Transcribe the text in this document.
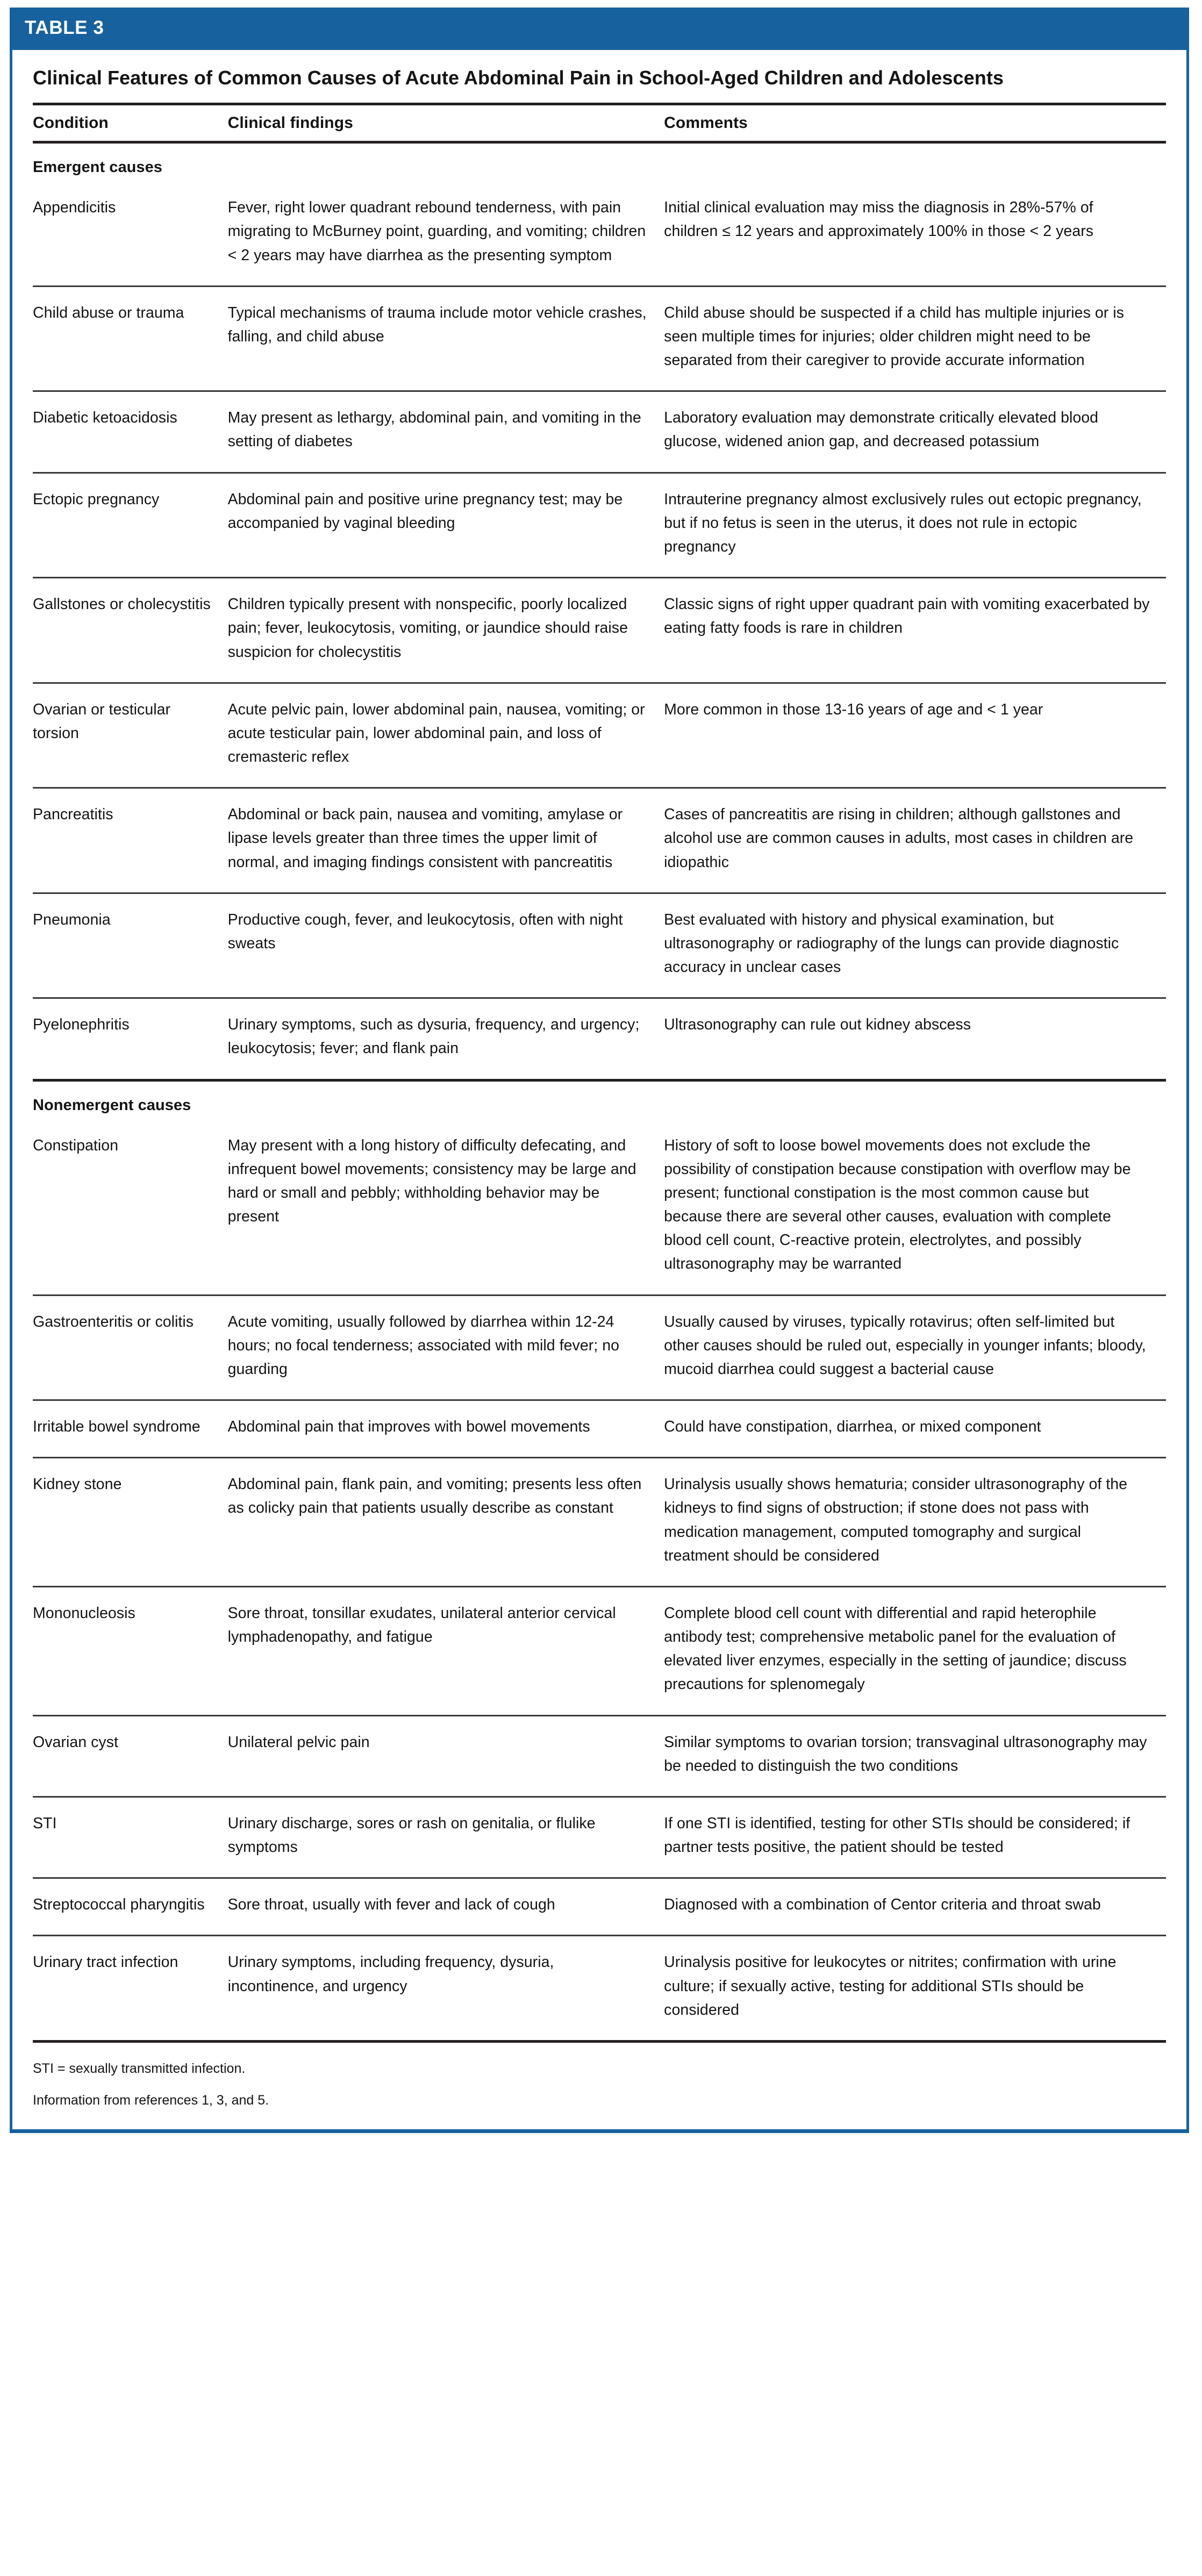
TABLE 3
Clinical Features of Common Causes of Acute Abdominal Pain in School-Aged Children and Adolescents
Condition	Clinical findings	Comments
Emergent causes		
Appendicitis	Fever, right lower quadrant rebound tenderness, with pain migrating to McBurney point, guarding, and vomiting; children < 2 years may have diarrhea as the presenting symptom	Initial clinical evaluation may miss the diagnosis in 28%-57% of children ≤ 12 years and approximately 100% in those < 2 years
Child abuse or trauma	Typical mechanisms of trauma include motor vehicle crashes, falling, and child abuse	Child abuse should be suspected if a child has multiple injuries or is seen multiple times for injuries; older children might need to be separated from their caregiver to provide accurate information
Diabetic ketoacidosis	May present as lethargy, abdominal pain, and vomiting in the setting of diabetes	Laboratory evaluation may demonstrate critically elevated blood glucose, widened anion gap, and decreased potassium
Ectopic pregnancy	Abdominal pain and positive urine pregnancy test; may be accompanied by vaginal bleeding	Intrauterine pregnancy almost exclusively rules out ectopic pregnancy, but if no fetus is seen in the uterus, it does not rule in ectopic pregnancy
Gallstones or cholecystitis	Children typically present with nonspecific, poorly localized pain; fever, leukocytosis, vomiting, or jaundice should raise suspicion for cholecystitis	Classic signs of right upper quadrant pain with vomiting exacerbated by eating fatty foods is rare in children
Ovarian or testicular torsion	Acute pelvic pain, lower abdominal pain, nausea, vomiting; or acute testicular pain, lower abdominal pain, and loss of cremasteric reflex	More common in those 13-16 years of age and < 1 year
Pancreatitis	Abdominal or back pain, nausea and vomiting, amylase or lipase levels greater than three times the upper limit of normal, and imaging findings consistent with pancreatitis	Cases of pancreatitis are rising in children; although gallstones and alcohol use are common causes in adults, most cases in children are idiopathic
Pneumonia	Productive cough, fever, and leukocytosis, often with night sweats	Best evaluated with history and physical examination, but ultrasonography or radiography of the lungs can provide diagnostic accuracy in unclear cases
Pyelonephritis	Urinary symptoms, such as dysuria, frequency, and urgency; leukocytosis; fever; and flank pain	Ultrasonography can rule out kidney abscess
Nonemergent causes		
Constipation	May present with a long history of difficulty defecating, and infrequent bowel movements; consistency may be large and hard or small and pebbly; withholding behavior may be present	History of soft to loose bowel movements does not exclude the possibility of constipation because constipation with overflow may be present; functional constipation is the most common cause but because there are several other causes, evaluation with complete blood cell count, C-reactive protein, electrolytes, and possibly ultrasonography may be warranted
Gastroenteritis or colitis	Acute vomiting, usually followed by diarrhea within 12-24 hours; no focal tenderness; associated with mild fever; no guarding	Usually caused by viruses, typically rotavirus; often self-limited but other causes should be ruled out, especially in younger infants; bloody, mucoid diarrhea could suggest a bacterial cause
Irritable bowel syndrome	Abdominal pain that improves with bowel movements	Could have constipation, diarrhea, or mixed component
Kidney stone	Abdominal pain, flank pain, and vomiting; presents less often as colicky pain that patients usually describe as constant	Urinalysis usually shows hematuria; consider ultrasonography of the kidneys to find signs of obstruction; if stone does not pass with medication management, computed tomography and surgical treatment should be considered
Mononucleosis	Sore throat, tonsillar exudates, unilateral anterior cervical lymphadenopathy, and fatigue	Complete blood cell count with differential and rapid heterophile antibody test; comprehensive metabolic panel for the evaluation of elevated liver enzymes, especially in the setting of jaundice; discuss precautions for splenomegaly
Ovarian cyst	Unilateral pelvic pain	Similar symptoms to ovarian torsion; transvaginal ultrasonography may be needed to distinguish the two conditions
STI	Urinary discharge, sores or rash on genitalia, or flulike symptoms	If one STI is identified, testing for other STIs should be considered; if partner tests positive, the patient should be tested
Streptococcal pharyngitis	Sore throat, usually with fever and lack of cough	Diagnosed with a combination of Centor criteria and throat swab
Urinary tract infection	Urinary symptoms, including frequency, dysuria, incontinence, and urgency	Urinalysis positive for leukocytes or nitrites; confirmation with urine culture; if sexually active, testing for additional STIs should be considered

STI = sexually transmitted infection.

Information from references 1, 3, and 5.
